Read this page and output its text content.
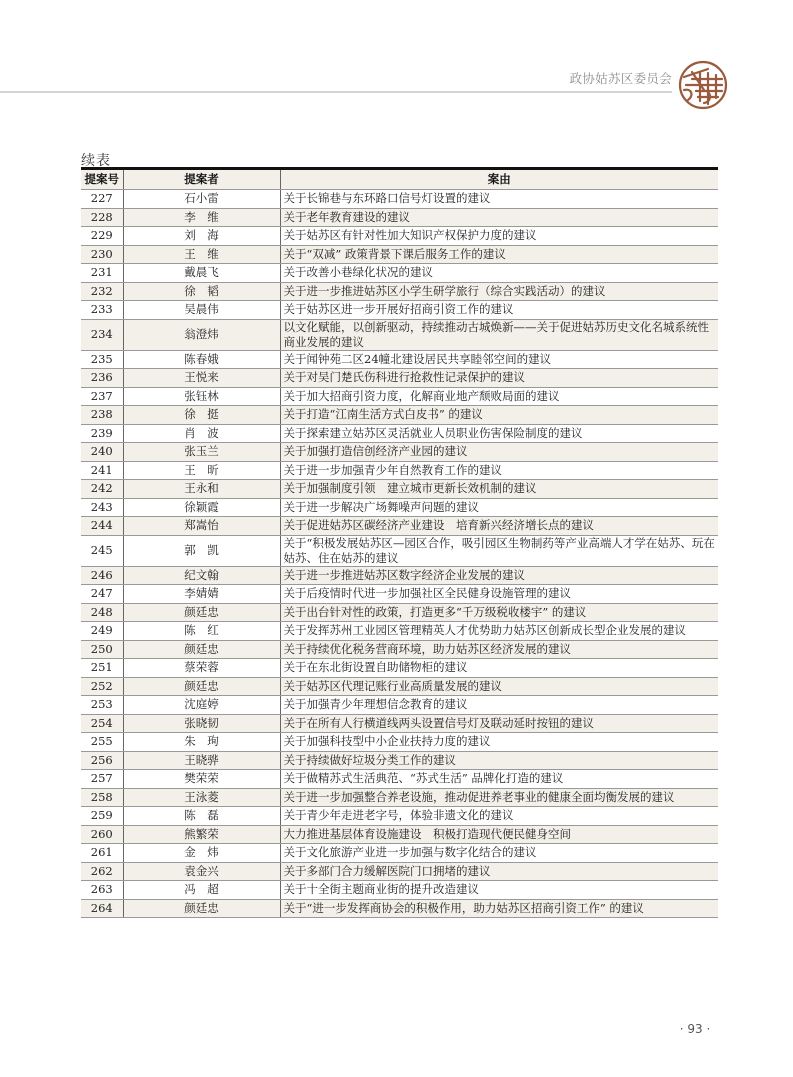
政协姑苏区委员会
续表
提案号	提案者	案由
227	石小雷	关于长锦巷与东环路口信号灯设置的建议
228	李　维	关于老年教育建设的建议
229	刘　海	关于姑苏区有针对性加大知识产权保护力度的建议
230	王　维	关于“双减” 政策背景下课后服务工作的建议
231	戴晨飞	关于改善小巷绿化状况的建议
232	徐　韬	关于进一步推进姑苏区小学生研学旅行（综合实践活动）的建议
233	吴晨伟	关于姑苏区进一步开展好招商引资工作的建议
234	翁澄炜	以文化赋能，以创新驱动，持续推动古城焕新——关于促进姑苏历史文化名城系统性商业发展的建议
235	陈春娥	关于闻钟苑二区24幢北建设居民共享睦邻空间的建议
236	王悦来	关于对吴门楚氏伤科进行抢救性记录保护的建议
237	张钰林	关于加大招商引资力度，化解商业地产颓败局面的建议
238	徐　挺	关于打造“江南生活方式白皮书” 的建议
239	肖　波	关于探索建立姑苏区灵活就业人员职业伤害保险制度的建议
240	张玉兰	关于加强打造信创经济产业园的建议
241	王　昕	关于进一步加强青少年自然教育工作的建议
242	王永和	关于加强制度引领　建立城市更新长效机制的建议
243	徐颖霞	关于进一步解决广场舞噪声问题的建议
244	郑嵩怡	关于促进姑苏区碳经济产业建设　培育新兴经济增长点的建议
245	郭　凯	关于“积极发展姑苏区—园区合作，吸引园区生物制药等产业高端人才学在姑苏、玩在姑苏、住在姑苏的建议
246	纪文翰	关于进一步推进姑苏区数字经济企业发展的建议
247	李婧婧	关于后疫情时代进一步加强社区全民健身设施管理的建议
248	颜廷忠	关于出台针对性的政策，打造更多“千万级税收楼宇” 的建议
249	陈　红	关于发挥苏州工业园区管理精英人才优势助力姑苏区创新成长型企业发展的建议
250	颜廷忠	关于持续优化税务营商环境，助力姑苏区经济发展的建议
251	蔡荣蓉	关于在东北街设置自助储物柜的建议
252	颜廷忠	关于姑苏区代理记账行业高质量发展的建议
253	沈庭婷	关于加强青少年理想信念教育的建议
254	张晓韧	关于在所有人行横道线两头设置信号灯及联动延时按钮的建议
255	朱　珣	关于加强科技型中小企业扶持力度的建议
256	王晓骅	关于持续做好垃圾分类工作的建议
257	樊荣荣	关于做精苏式生活典范、“苏式生活” 品牌化打造的建议
258	王泳菱	关于进一步加强整合养老设施，推动促进养老事业的健康全面均衡发展的建议
259	陈　磊	关于青少年走进老字号，体验非遗文化的建议
260	熊繁荣	大力推进基层体育设施建设　积极打造现代便民健身空间
261	金　炜	关于文化旅游产业进一步加强与数字化结合的建议
262	袁金兴	关于多部门合力缓解医院门口拥堵的建议
263	冯　超	关于十全街主题商业街的提升改造建议
264	颜廷忠	关于“进一步发挥商协会的积极作用，助力姑苏区招商引资工作” 的建议
· 93 ·
